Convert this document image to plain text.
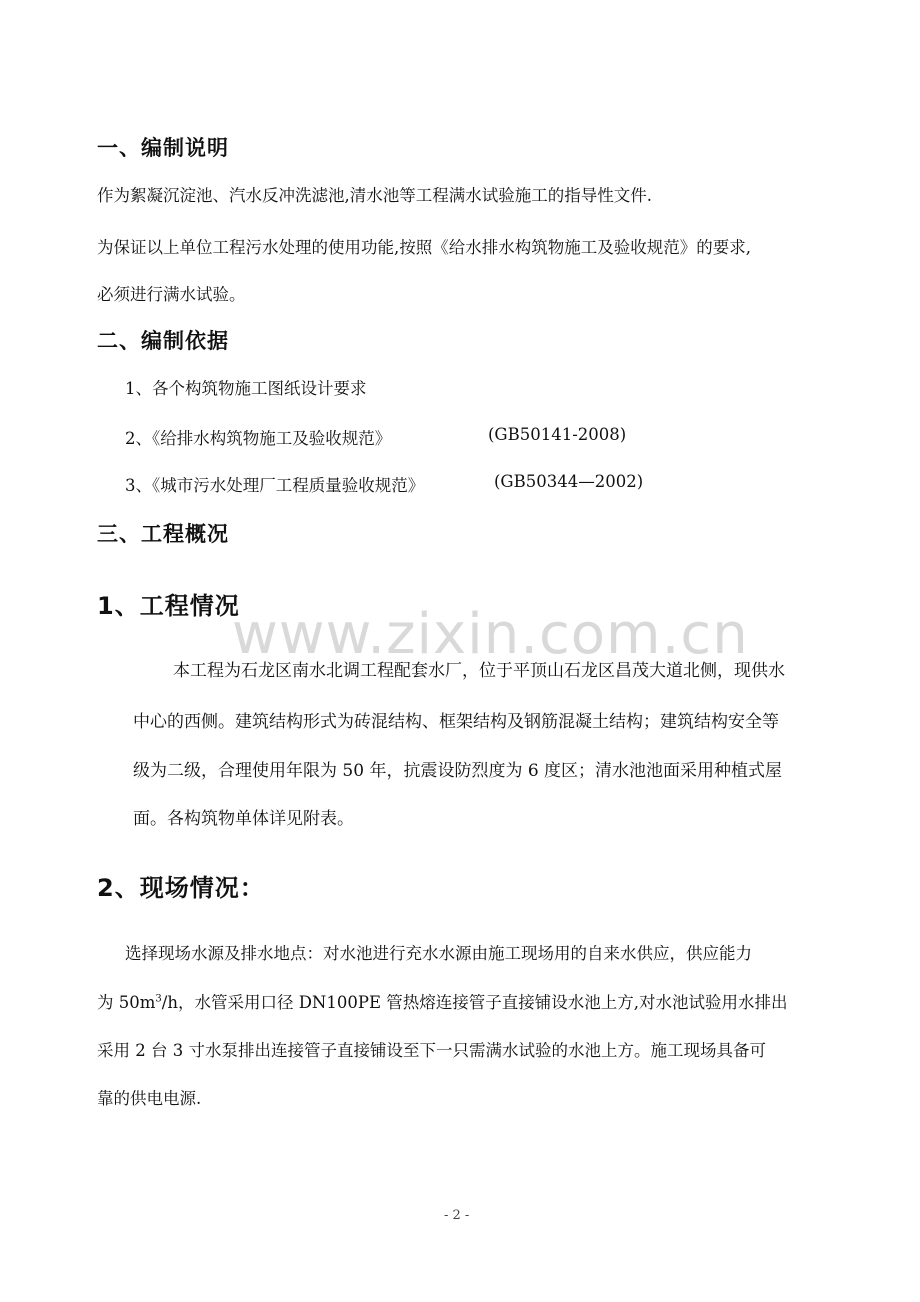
一、编制说明
作为絮凝沉淀池、汽水反冲洗滤池,清水池等工程满水试验施工的指导性文件.
为保证以上单位工程污水处理的使用功能,按照《给水排水构筑物施工及验收规范》的要求,
必须进行满水试验。
二、编制依据
1、各个构筑物施工图纸设计要求
2、《给排水构筑物施工及验收规范》	(GB50141-2008)
3、《城市污水处理厂工程质量验收规范》	(GB50344—2002)
三、工程概况
1、工程情况
www.zixin.com.cn
本工程为石龙区南水北调工程配套水厂，位于平顶山石龙区昌茂大道北侧，现供水
中心的西侧。建筑结构形式为砖混结构、框架结构及钢筋混凝土结构；建筑结构安全等
级为二级，合理使用年限为 50 年，抗震设防烈度为 6 度区；清水池池面采用种植式屋
面。各构筑物单体详见附表。
2、现场情况：
选择现场水源及排水地点：对水池进行充水水源由施工现场用的自来水供应，供应能力
为 $50m^3/h$，水管采用口径 DN100PE 管热熔连接管子直接铺设水池上方,对水池试验用水排出
采用 2 台 3 寸水泵排出连接管子直接铺设至下一只需满水试验的水池上方。施工现场具备可
靠的供电电源.
- 2 -
